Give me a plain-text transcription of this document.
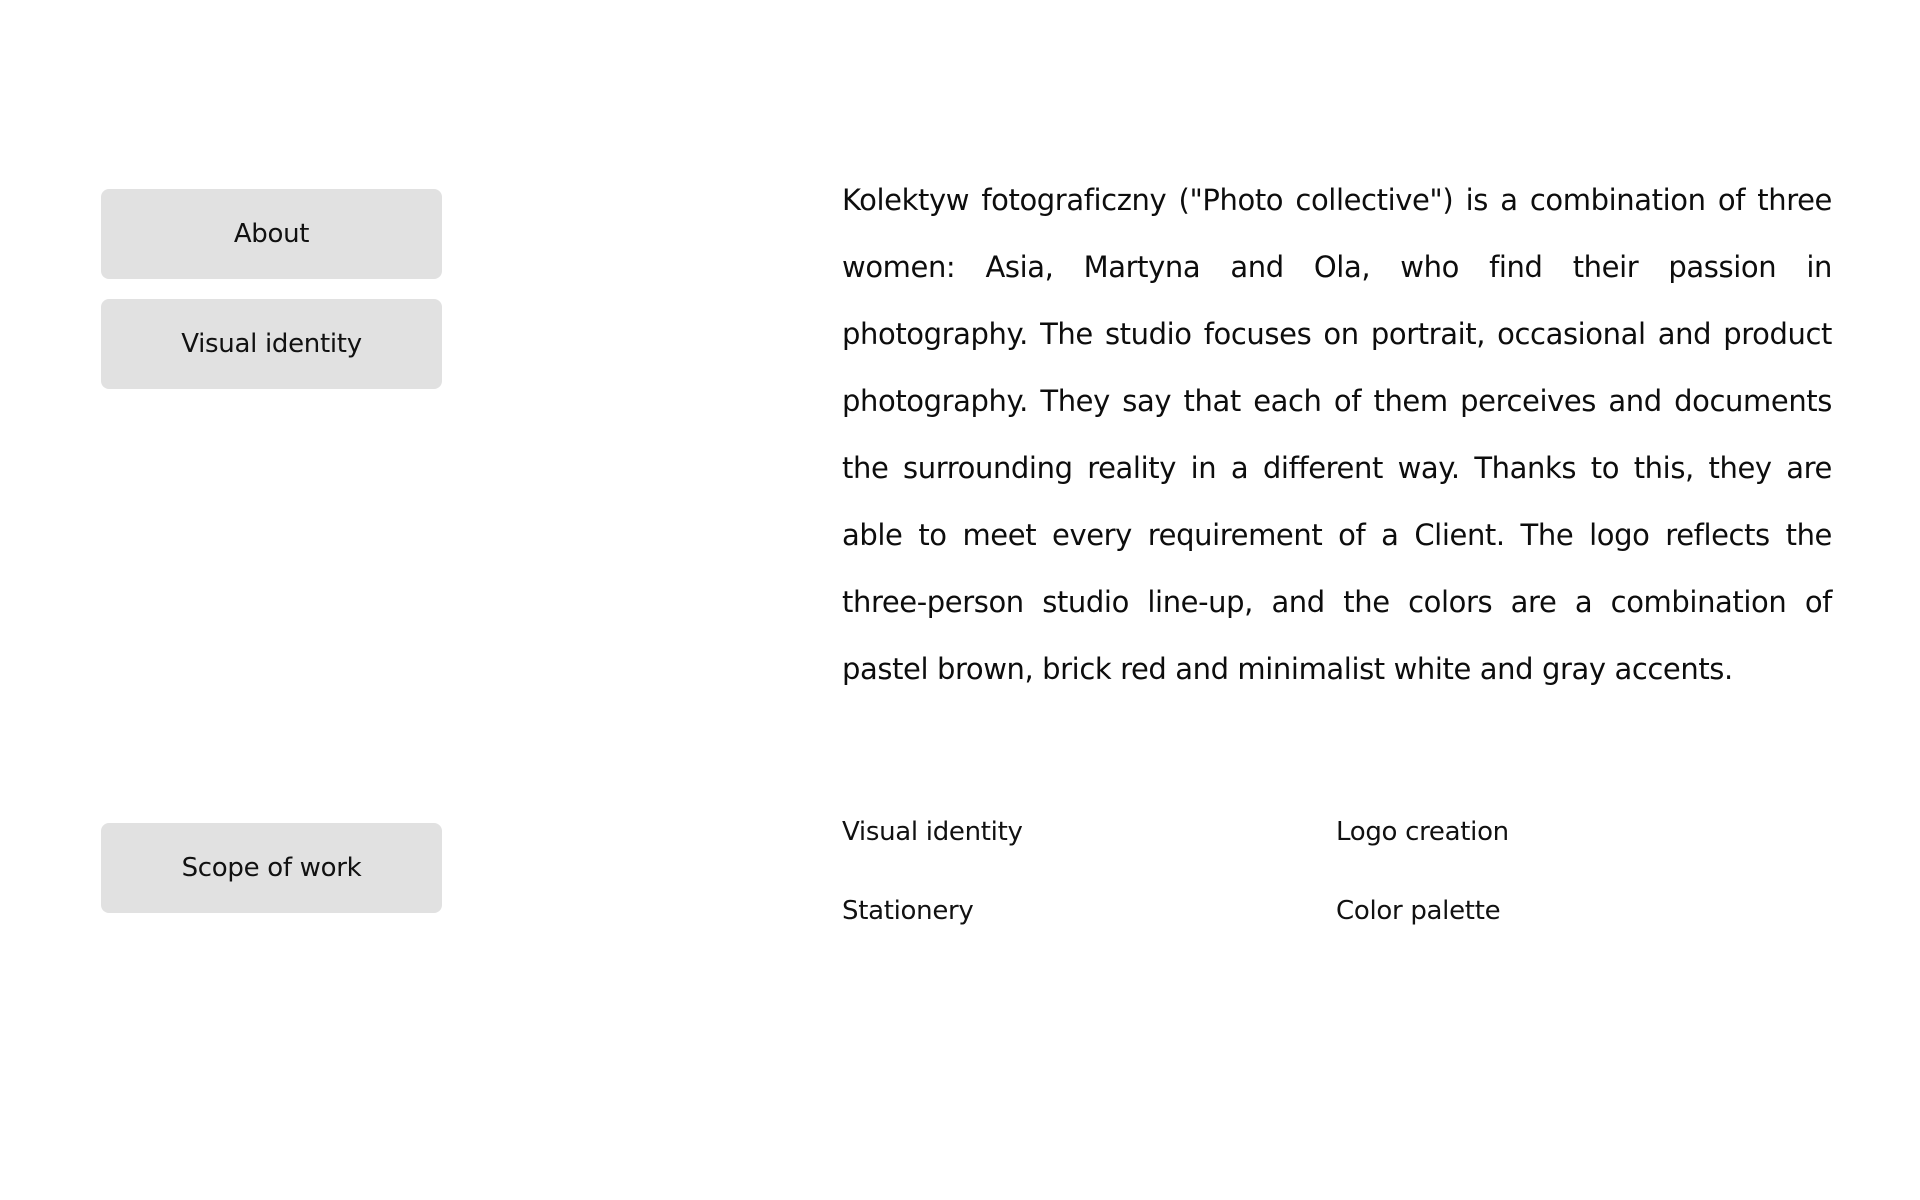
About
Visual identity

Kolektyw fotograficzny ("Photo collective") is a combination of three women: Asia, Martyna and Ola, who find their passion in photography. The studio focuses on portrait, occasional and product photography. They say that each of them perceives and documents the surrounding reality in a different way. Thanks to this, they are able to meet every requirement of a Client. The logo reflects the three-person studio line-up, and the colors are a combination of pastel brown, brick red and minimalist white and gray accents.

Scope of work
Visual identity	Logo creation
Stationery	Color palette
